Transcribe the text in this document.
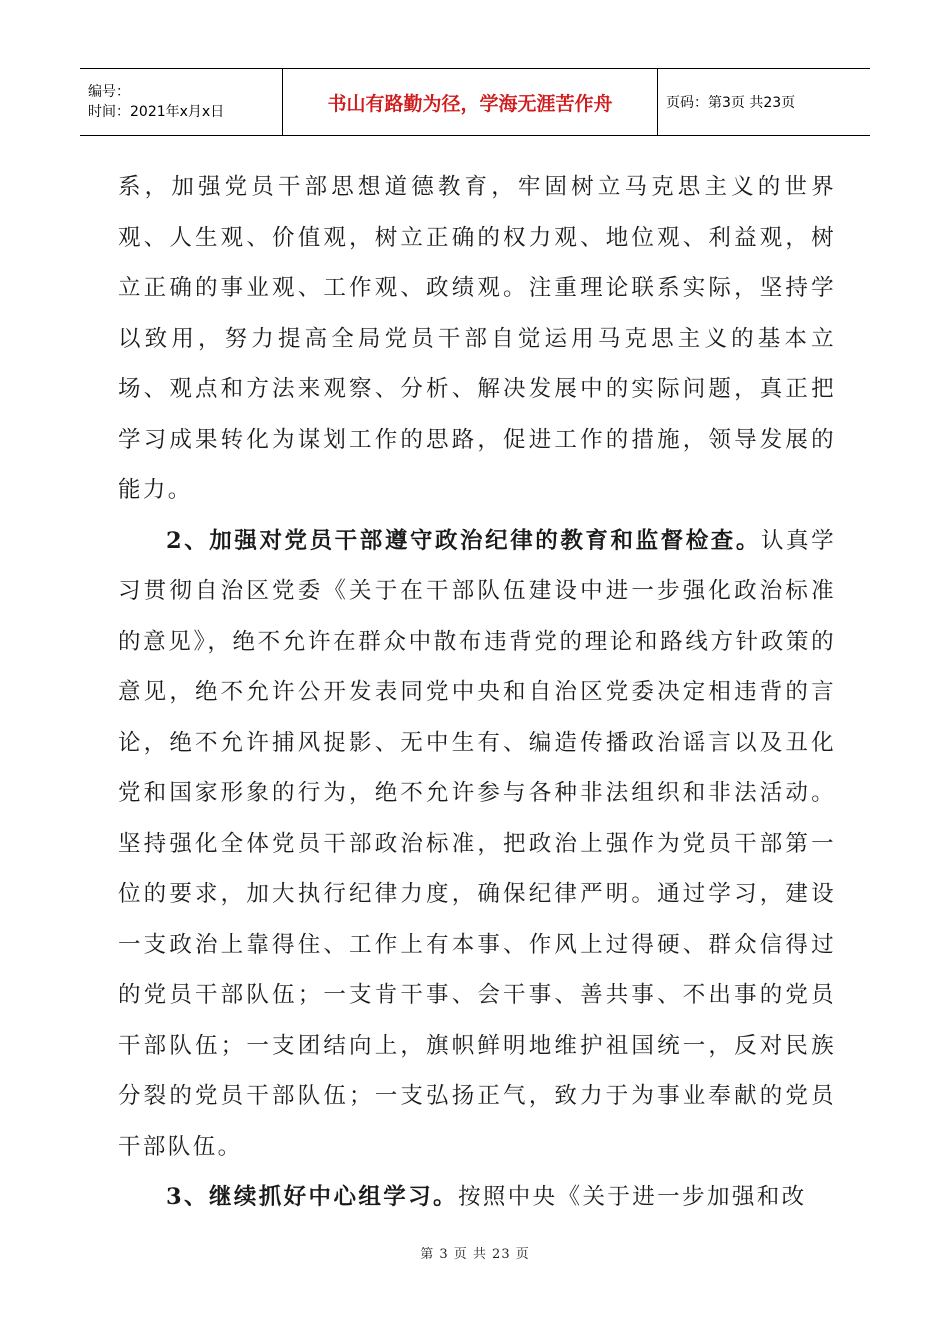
编号：
时间：2021年x月x日	书山有路勤为径，学海无涯苦作舟	页码：第3页 共23页

系，加强党员干部思想道德教育，牢固树立马克思主义的世界观、人生观、价值观，树立正确的权力观、地位观、利益观，树立正确的事业观、工作观、政绩观。注重理论联系实际，坚持学以致用，努力提高全局党员干部自觉运用马克思主义的基本立场、观点和方法来观察、分析、解决发展中的实际问题，真正把学习成果转化为谋划工作的思路，促进工作的措施，领导发展的能力。

2、加强对党员干部遵守政治纪律的教育和监督检查。认真学习贯彻自治区党委《关于在干部队伍建设中进一步强化政治标准的意见》，绝不允许在群众中散布违背党的理论和路线方针政策的意见，绝不允许公开发表同党中央和自治区党委决定相违背的言论，绝不允许捕风捉影、无中生有、编造传播政治谣言以及丑化党和国家形象的行为，绝不允许参与各种非法组织和非法活动。坚持强化全体党员干部政治标准，把政治上强作为党员干部第一位的要求，加大执行纪律力度，确保纪律严明。通过学习，建设一支政治上靠得住、工作上有本事、作风上过得硬、群众信得过的党员干部队伍；一支肯干事、会干事、善共事、不出事的党员干部队伍；一支团结向上，旗帜鲜明地维护祖国统一，反对民族分裂的党员干部队伍；一支弘扬正气，致力于为事业奉献的党员干部队伍。

3、继续抓好中心组学习。按照中央《关于进一步加强和改

第 3 页 共 23 页
